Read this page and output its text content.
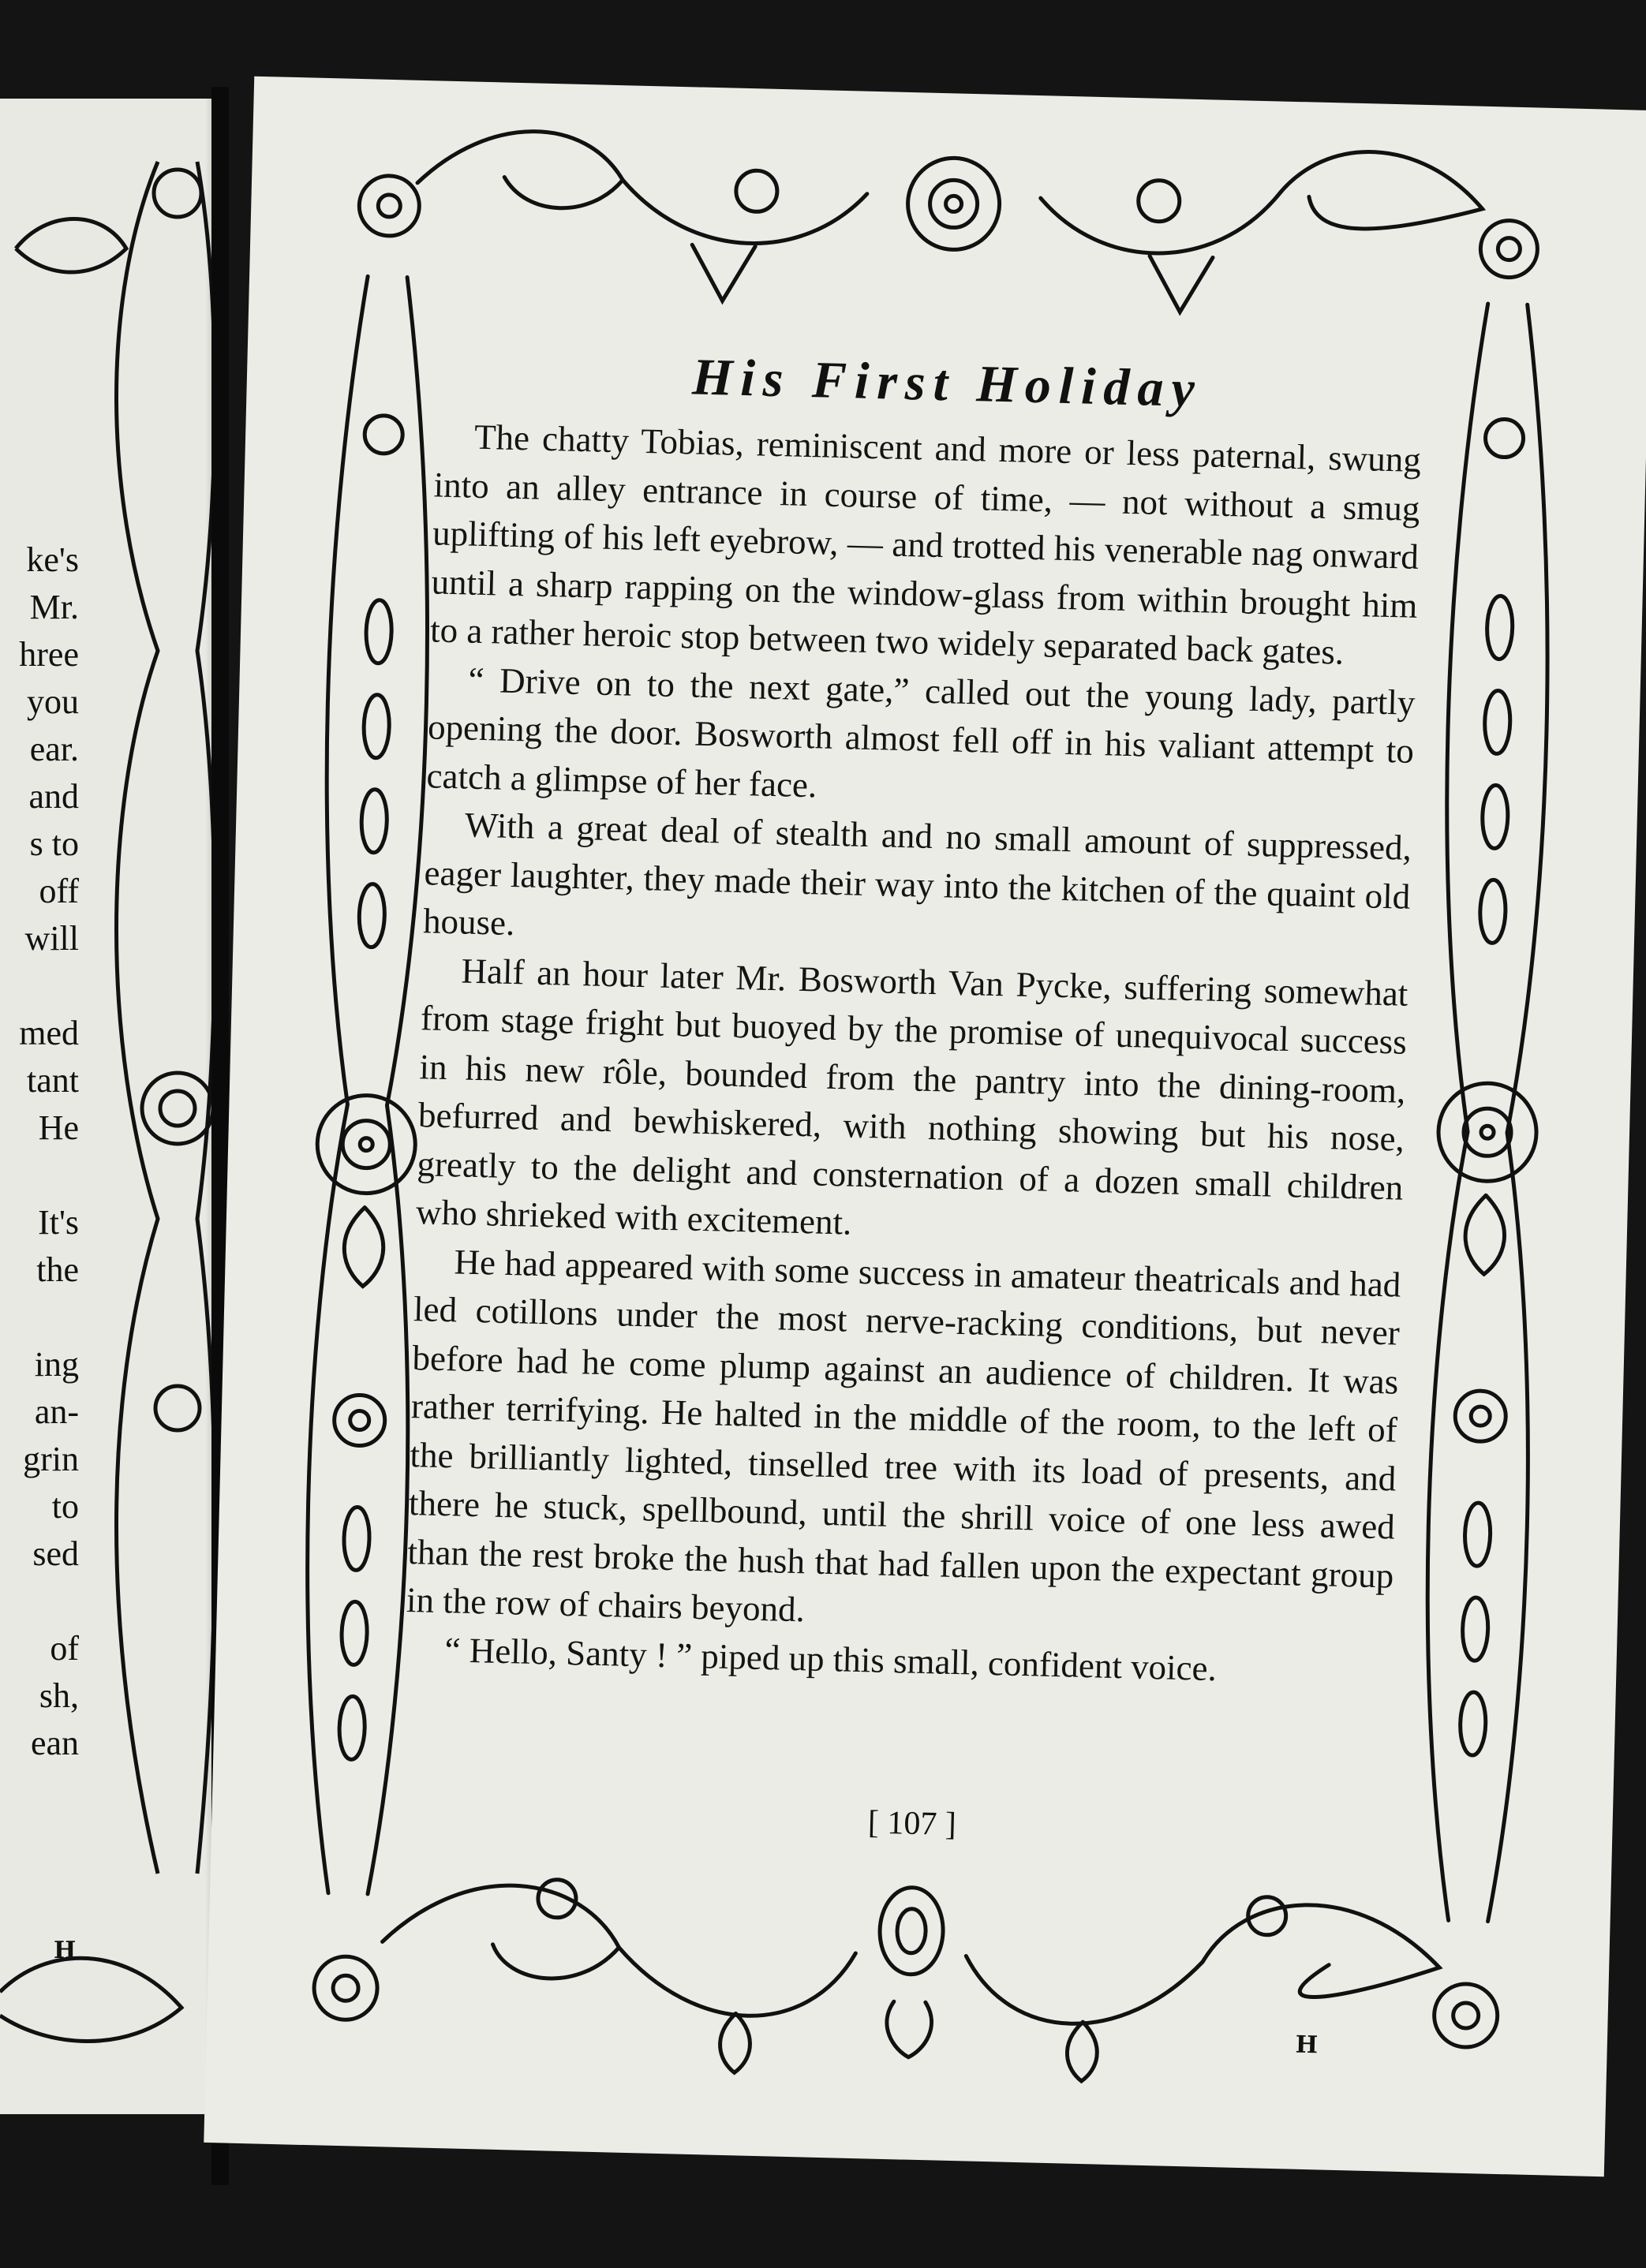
ke's
Mr.
hree
you
ear.
and
s to
off
will
med
tant
He
It's
the
ing
an-
grin
to
sed
of
sh,
ean
H
His First Holiday

The chatty Tobias, reminiscent and more or less paternal, swung into an alley entrance in course of time, — not without a smug uplifting of his left eyebrow, — and trotted his venerable nag onward until a sharp rapping on the window-glass from within brought him to a rather heroic stop between two widely separated back gates.

“ Drive on to the next gate,” called out the young lady, partly opening the door. Bosworth almost fell off in his valiant attempt to catch a glimpse of her face.

With a great deal of stealth and no small amount of suppressed, eager laughter, they made their way into the kitchen of the quaint old house.

Half an hour later Mr. Bosworth Van Pycke, suffering somewhat from stage fright but buoyed by the promise of unequivocal success in his new rôle, bounded from the pantry into the dining-room, befurred and bewhiskered, with nothing showing but his nose, greatly to the delight and consternation of a dozen small children who shrieked with excitement.

He had appeared with some success in amateur theatricals and had led cotillons under the most nerve-racking conditions, but never before had he come plump against an audience of children. It was rather terrifying. He halted in the middle of the room, to the left of the brilliantly lighted, tinselled tree with its load of presents, and there he stuck, spellbound, until the shrill voice of one less awed than the rest broke the hush that had fallen upon the expectant group in the row of chairs beyond.

“ Hello, Santy ! ” piped up this small, confident voice.

[ 107 ]
H
